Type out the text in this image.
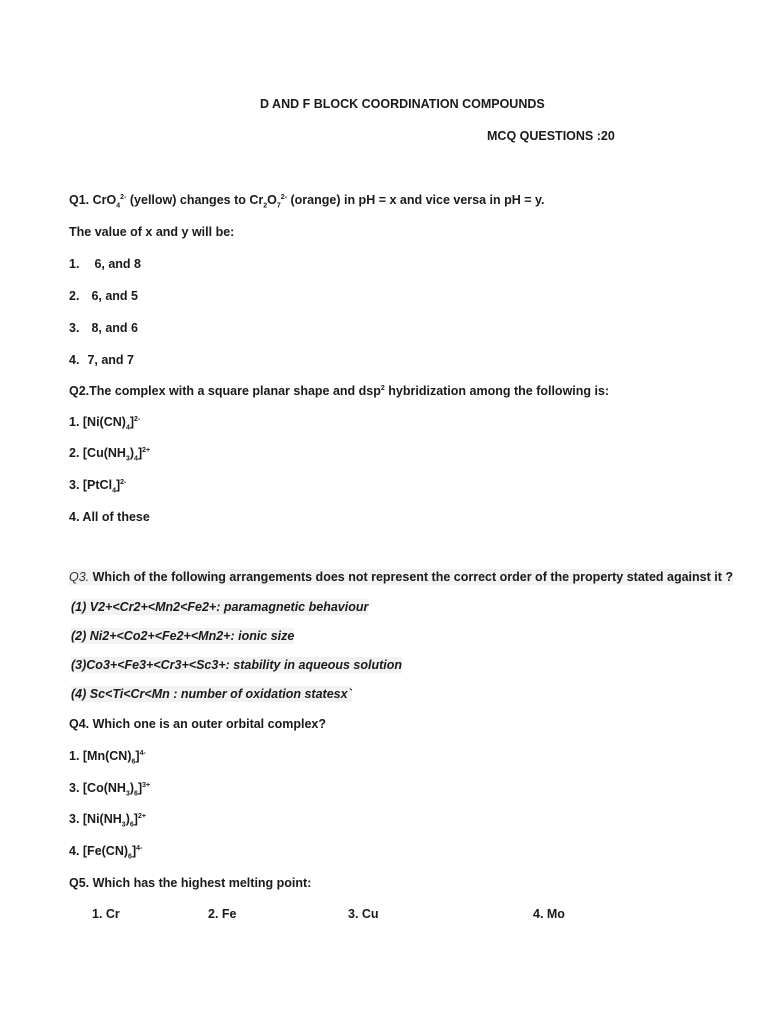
D AND F BLOCK COORDINATION COMPOUNDS
MCQ QUESTIONS :20
Q1. CrO$_4^{2-}$ (yellow) changes to $Cr_2O_7^{2-}$ (orange) in pH = x and vice versa in pH = y.
The value of x and y will be:
1. 6, and 8
2. 6, and 5
3. 8, and 6
4. 7, and 7
Q2.The complex with a square planar shape and dsp$^2$ hybridization among the following is:
1. $[Ni(CN)_4]^{2-}$
2. $[Cu(NH_3)_4]^{2+}$
3. [PtCl$_4$]$^{2-}$
4. All of these
Q3. Which of the following arrangements does not represent the correct order of the property stated against it ?
(1) V2+<Cr2+<Mn2<Fe2+: paramagnetic behaviour
(2) Ni2+<Co2+<Fe2+<Mn2+: ionic size
(3)Co3+<Fe3+<Cr3+<Sc3+: stability in aqueous solution
(4) Sc<Ti<Cr<Mn : number of oxidation statesx`
Q4. Which one is an outer orbital complex?
1. $[Mn(CN)_6]^{4-}$
3. $[Co(NH_3)_6]^{3+}$
3. $[Ni(NH_3)_6]^{2+}$
4. $[Fe(CN)_6]^{4-}$
Q5. Which has the highest melting point:
1. Cr	2. Fe	3. Cu	4. Mo
